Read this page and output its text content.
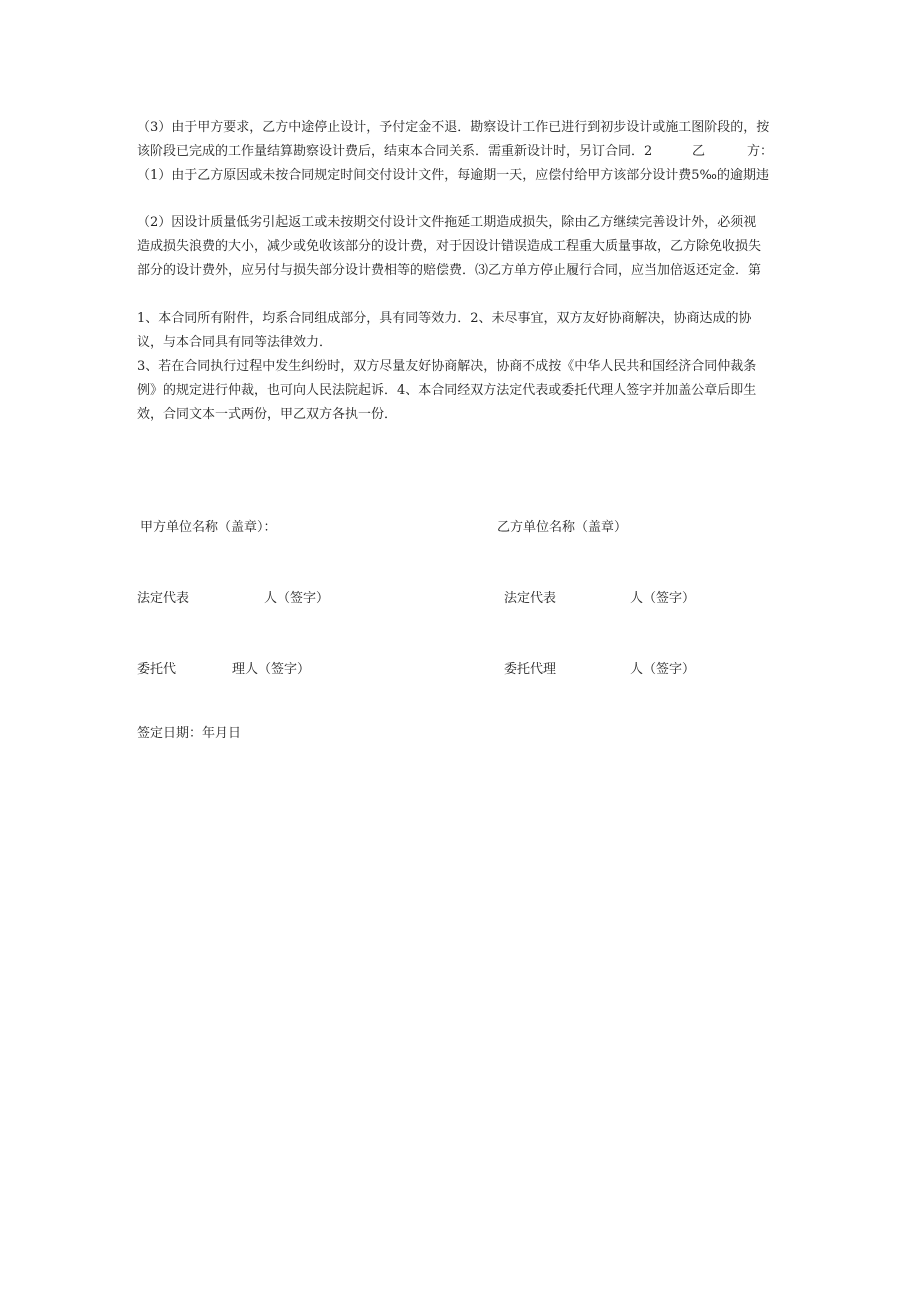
（3）由于甲方要求，乙方中途停止设计，予付定金不退．勘察设计工作已进行到初步设计或施工图阶段的，按
该阶段已完成的工作量结算勘察设计费后，结束本合同关系．需重新设计时，另订合同．2	乙	方：
（1）由于乙方原因或未按合同规定时间交付设计文件，每逾期一天，应偿付给甲方该部分设计费5‰的逾期违
（2）因设计质量低劣引起返工或未按期交付设计文件拖延工期造成损失，除由乙方继续完善设计外，必须视
造成损失浪费的大小，减少或免收该部分的设计费，对于因设计错误造成工程重大质量事故，乙方除免收损失
部分的设计费外，应另付与损失部分设计费相等的赔偿费．⑶乙方单方停止履行合同，应当加倍返还定金．第
1、本合同所有附件，均系合同组成部分，具有同等效力．2、未尽事宜，双方友好协商解决，协商达成的协
议，与本合同具有同等法律效力．
3、若在合同执行过程中发生纠纷时，双方尽量友好协商解决，协商不成按《中华人民共和国经济合同仲裁条
例》的规定进行仲裁，也可向人民法院起诉．4、本合同经双方法定代表或委托代理人签字并加盖公章后即生
效，合同文本一式两份，甲乙双方各执一份．
甲方单位名称（盖章）：	乙方单位名称（盖章）
法定代表	人（签字）	法定代表	人（签字）
委托代	理人（签字）	委托代理	人（签字）
签定日期：年月日
